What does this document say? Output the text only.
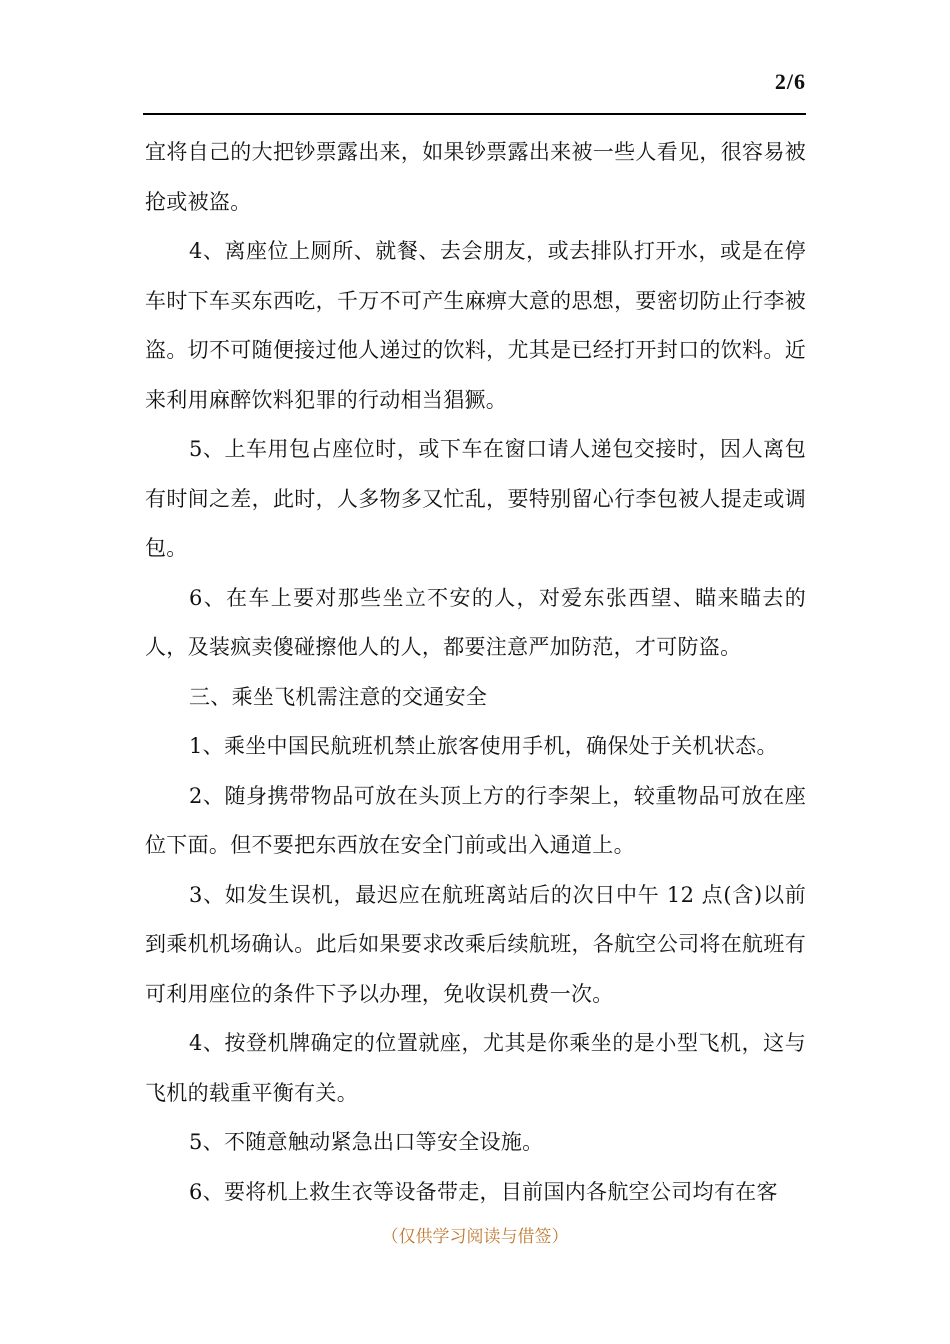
2/6

宜将自己的大把钞票露出来，如果钞票露出来被一些人看见，很容易被抢或被盗。

4、离座位上厕所、就餐、去会朋友，或去排队打开水，或是在停车时下车买东西吃，千万不可产生麻痹大意的思想，要密切防止行李被盗。切不可随便接过他人递过的饮料，尤其是已经打开封口的饮料。近来利用麻醉饮料犯罪的行动相当猖獗。

5、上车用包占座位时，或下车在窗口请人递包交接时，因人离包有时间之差，此时，人多物多又忙乱，要特别留心行李包被人提走或调包。

6、在车上要对那些坐立不安的人，对爱东张西望、瞄来瞄去的人，及装疯卖傻碰擦他人的人，都要注意严加防范，才可防盗。

三、乘坐飞机需注意的交通安全

1、乘坐中国民航班机禁止旅客使用手机，确保处于关机状态。

2、随身携带物品可放在头顶上方的行李架上，较重物品可放在座位下面。但不要把东西放在安全门前或出入通道上。

3、如发生误机，最迟应在航班离站后的次日中午 12 点(含)以前到乘机机场确认。此后如果要求改乘后续航班，各航空公司将在航班有可利用座位的条件下予以办理，免收误机费一次。

4、按登机牌确定的位置就座，尤其是你乘坐的是小型飞机，这与飞机的载重平衡有关。

5、不随意触动紧急出口等安全设施。

6、要将机上救生衣等设备带走，目前国内各航空公司均有在客

（仅供学习阅读与借签）
